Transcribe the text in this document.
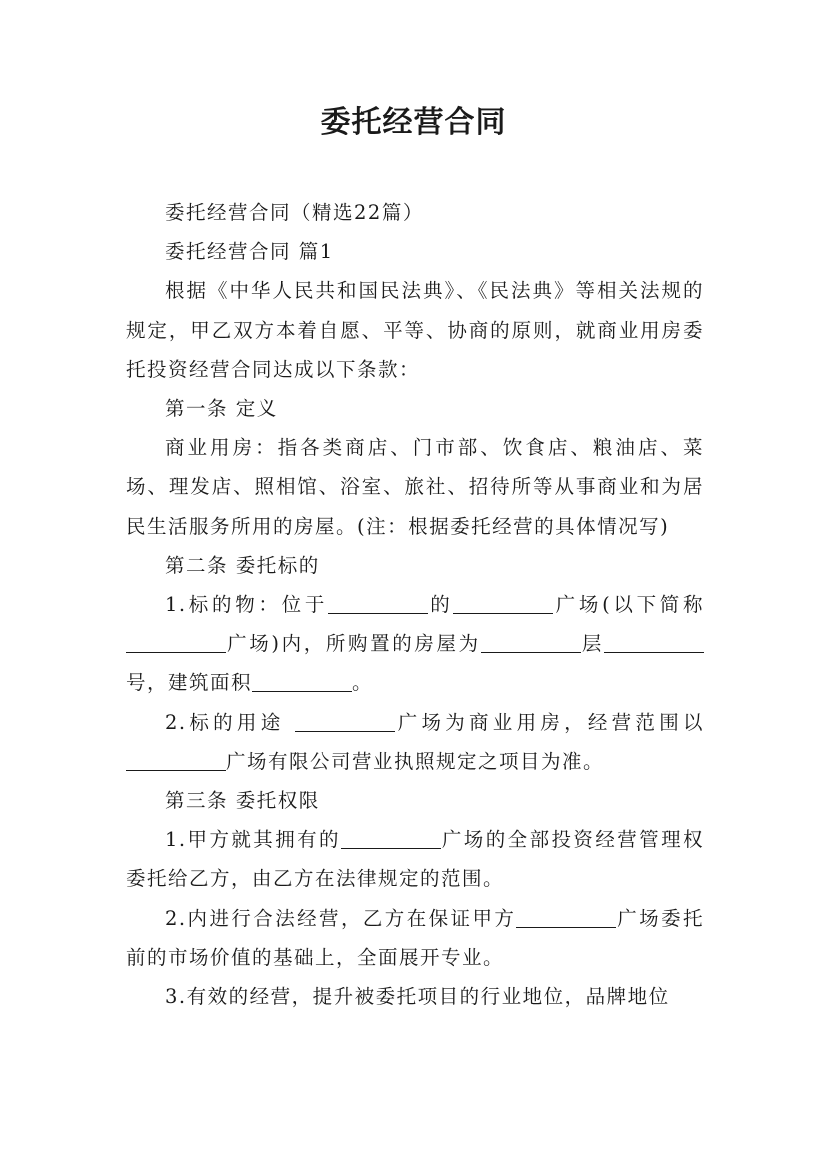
委托经营合同

委托经营合同（精选22篇）

委托经营合同 篇1

根据《中华人民共和国民法典》、《民法典》等相关法规的规定，甲乙双方本着自愿、平等、协商的原则，就商业用房委托投资经营合同达成以下条款：

第一条 定义

商业用房：指各类商店、门市部、饮食店、粮油店、菜场、理发店、照相馆、浴室、旅社、招待所等从事商业和为居民生活服务所用的房屋。(注：根据委托经营的具体情况写)

第二条 委托标的

1.标的物：位于	的	广场(以下简称广场)内，所购置的房屋为	层号，建筑面积	。

2.标的用途	广场为商业用房，经营范围以广场有限公司营业执照规定之项目为准。

第三条 委托权限

1.甲方就其拥有的	广场的全部投资经营管理权委托给乙方，由乙方在法律规定的范围。

2.内进行合法经营，乙方在保证甲方	广场委托前的市场价值的基础上，全面展开专业。

3.有效的经营，提升被委托项目的行业地位，品牌地位
